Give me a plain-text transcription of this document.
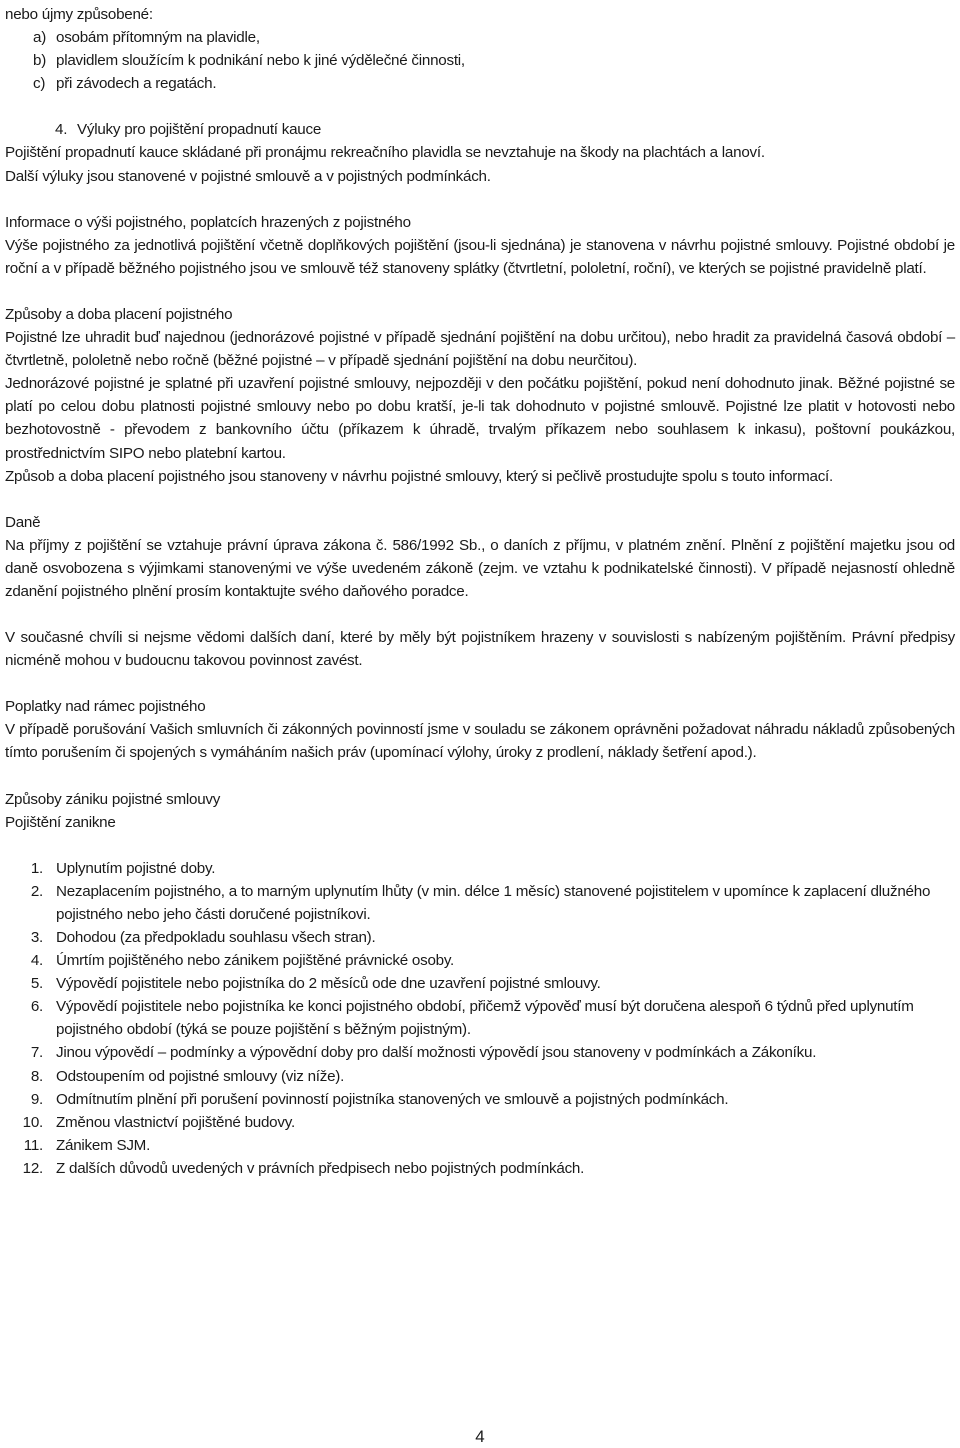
nebo újmy způsobené:

a) osobám přítomným na plavidle,
b) plavidlem sloužícím k podnikání nebo k jiné výdělečné činnosti,
c) při závodech a regatách.
4. Výluky pro pojištění propadnutí kauce

Pojištění propadnutí kauce skládané při pronájmu rekreačního plavidla se nevztahuje na škody na plachtách a lanoví.

Další výluky jsou stanovené v pojistné smlouvě a v pojistných podmínkách.

Informace o výši pojistného, poplatcích hrazených z pojistného

Výše pojistného za jednotlivá pojištění včetně doplňkových pojištění (jsou-li sjednána) je stanovena v návrhu pojistné smlouvy. Pojistné období je roční a v případě běžného pojistného jsou ve smlouvě též stanoveny splátky (čtvrtletní, pololetní, roční), ve kterých se pojistné pravidelně platí.

Způsoby a doba placení pojistného

Pojistné lze uhradit buď najednou (jednorázové pojistné v případě sjednání pojištění na dobu určitou), nebo hradit za pravidelná časová období – čtvrtletně, pololetně nebo ročně (běžné pojistné – v případě sjednání pojištění na dobu neurčitou).

Jednorázové pojistné je splatné při uzavření pojistné smlouvy, nejpozději v den počátku pojištění, pokud není dohodnuto jinak. Běžné pojistné se platí po celou dobu platnosti pojistné smlouvy nebo po dobu kratší, je-li tak dohodnuto v pojistné smlouvě. Pojistné lze platit v hotovosti nebo bezhotovostně - převodem z bankovního účtu (příkazem k úhradě, trvalým příkazem nebo souhlasem k inkasu), poštovní poukázkou, prostřednictvím SIPO nebo platební kartou.

Způsob a doba placení pojistného jsou stanoveny v návrhu pojistné smlouvy, který si pečlivě prostudujte spolu s touto informací.

Daně

Na příjmy z pojištění se vztahuje právní úprava zákona č. 586/1992 Sb., o daních z příjmu, v platném znění. Plnění z pojištění majetku jsou od daně osvobozena s výjimkami stanovenými ve výše uvedeném zákoně (zejm. ve vztahu k podnikatelské činnosti). V případě nejasností ohledně zdanění pojistného plnění prosím kontaktujte svého daňového poradce.

V současné chvíli si nejsme vědomi dalších daní, které by měly být pojistníkem hrazeny v souvislosti s nabízeným pojištěním. Právní předpisy nicméně mohou v budoucnu takovou povinnost zavést.

Poplatky nad rámec pojistného

V případě porušování Vašich smluvních či zákonných povinností jsme v souladu se zákonem oprávněni požadovat náhradu nákladů způsobených tímto porušením či spojených s vymáháním našich práv (upomínací výlohy, úroky z prodlení, náklady šetření apod.).

Způsoby zániku pojistné smlouvy

Pojištění zanikne

1. Uplynutím pojistné doby.
2. Nezaplacením pojistného, a to marným uplynutím lhůty (v min. délce 1 měsíc) stanovené pojistitelem v upomínce k zaplacení dlužného pojistného nebo jeho části doručené pojistníkovi.
3. Dohodou (za předpokladu souhlasu všech stran).
4. Úmrtím pojištěného nebo zánikem pojištěné právnické osoby.
5. Výpovědí pojistitele nebo pojistníka do 2 měsíců ode dne uzavření pojistné smlouvy.
6. Výpovědí pojistitele nebo pojistníka ke konci pojistného období, přičemž výpověď musí být doručena alespoň 6 týdnů před uplynutím pojistného období (týká se pouze pojištění s běžným pojistným).
7. Jinou výpovědí – podmínky a výpovědní doby pro další možnosti výpovědí jsou stanoveny v podmínkách a Zákoníku.
8. Odstoupením od pojistné smlouvy (viz níže).
9. Odmítnutím plnění při porušení povinností pojistníka stanovených ve smlouvě a pojistných podmínkách.
10. Změnou vlastnictví pojištěné budovy.
11. Zánikem SJM.
12. Z dalších důvodů uvedených v právních předpisech nebo pojistných podmínkách.
4
